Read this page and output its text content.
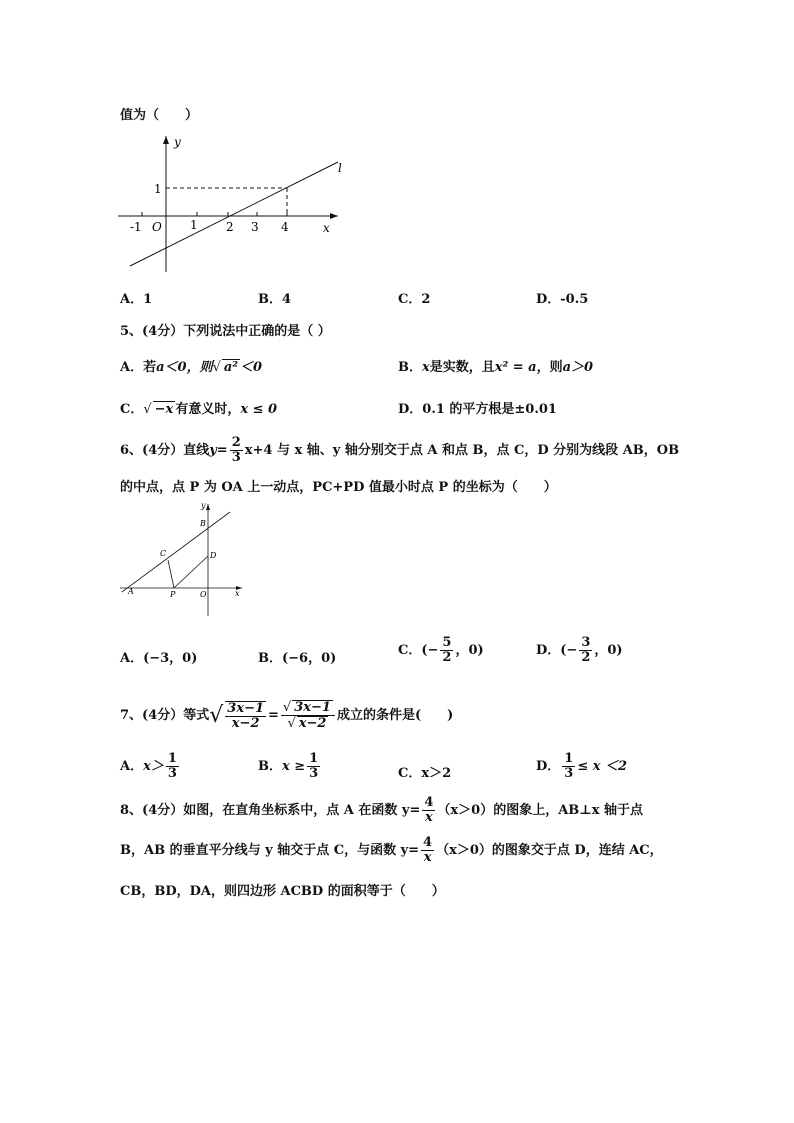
值为（　　）
y
x
l
1
-1 O 1 2 3 4
A．1	B．4	C．2	D．-0.5
5、(4分）下列说法中正确的是（ ）
A．若a＜0，则√ a² ＜0	B．x是实数，且x² = a，则a＞0
C．√ −x 有意义时，x ≤ 0	D．0.1 的平方根是±0.01
6、(4分）直线$y= \frac{2}{3} x+4$ 与 x 轴、y 轴分别交于点 A 和点 B，点 C，D 分别为线段 AB，OB
的中点，点 P 为 OA 上一动点，PC+PD 值最小时点 P 的坐标为（　　）
y
B
C	D
A	P	O	x
A．(−3，0)	B．(−6，0)
C．(− $\frac{5}{2}$ ，0)	D．(− $\frac{3}{2}$ ，0)
7、(4分）等式√ $\frac{3x-1}{x-2} = \frac{√ 3x-1}{√ x-2}$ 成立的条件是(　　)
A．$x> \frac{1}{3}$	B．$x \ge \frac{1}{3}$	C．x＞2	D． $\frac{1}{3} \le x <2$
8、(4分）如图，在直角坐标系中，点 A 在函数 $y= \frac{4}{x} (x>0)$的图象上，AB⊥x 轴于点
B，AB 的垂直平分线与 y 轴交于点 C，与函数 $y= \frac{4}{x} (x>0)$的图象交于点 D，连结 AC，
CB，BD，DA，则四边形 ACBD 的面积等于（　　）
